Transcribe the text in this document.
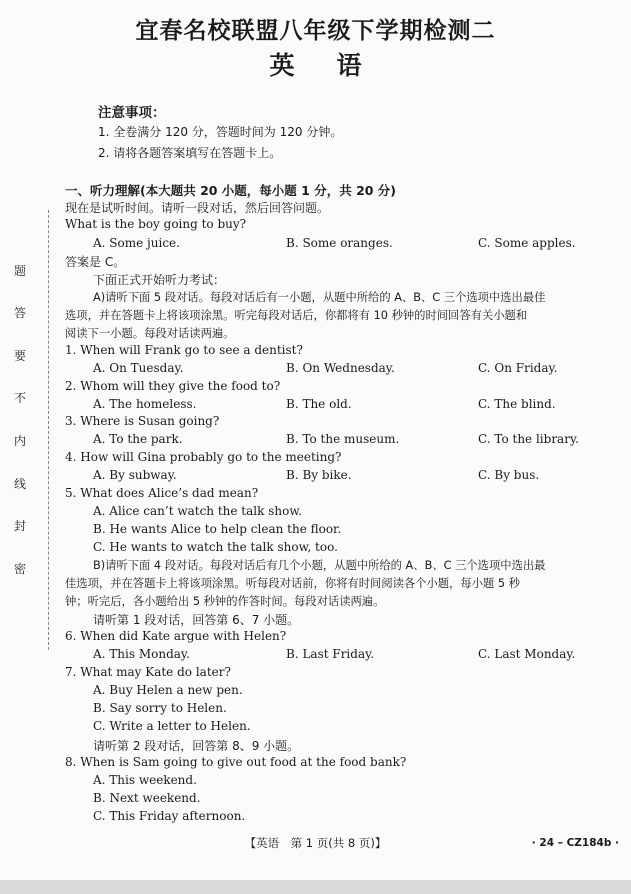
题
答
要
不
内
线
封
密
宜春名校联盟八年级下学期检测二
英语
注意事项：
1. 全卷满分 120 分，答题时间为 120 分钟。
2. 请将各题答案填写在答题卡上。
一、听力理解(本大题共 20 小题，每小题 1 分，共 20 分)
现在是试听时间。请听一段对话，然后回答问题。
What is the boy going to buy?
A. Some juice.	B. Some oranges.	C. Some apples.
答案是 C。
下面正式开始听力考试：
A)请听下面 5 段对话。每段对话后有一小题，从题中所给的 A、B、C 三个选项中选出最佳
选项，并在答题卡上将该项涂黑。听完每段对话后，你都将有 10 秒钟的时间回答有关小题和
阅读下一小题。每段对话读两遍。
1. When will Frank go to see a dentist?
A. On Tuesday.	B. On Wednesday.	C. On Friday.
2. Whom will they give the food to?
A. The homeless.	B. The old.	C. The blind.
3. Where is Susan going?
A. To the park.	B. To the museum.	C. To the library.
4. How will Gina probably go to the meeting?
A. By subway.	B. By bike.	C. By bus.
5. What does Alice’s dad mean?
A. Alice can’t watch the talk show.
B. He wants Alice to help clean the floor.
C. He wants to watch the talk show, too.
B)请听下面 4 段对话。每段对话后有几个小题，从题中所给的 A、B、C 三个选项中选出最
佳选项，并在答题卡上将该项涂黑。听每段对话前，你将有时间阅读各个小题，每小题 5 秒
钟；听完后，各小题给出 5 秒钟的作答时间。每段对话读两遍。
请听第 1 段对话，回答第 6、7 小题。
6. When did Kate argue with Helen?
A. This Monday.	B. Last Friday.	C. Last Monday.
7. What may Kate do later?
A. Buy Helen a new pen.
B. Say sorry to Helen.
C. Write a letter to Helen.
请听第 2 段对话，回答第 8、9 小题。
8. When is Sam going to give out food at the food bank?
A. This weekend.
B. Next weekend.
C. This Friday afternoon.
【英语　第 1 页(共 8 页)】	· 24 – CZ184b ·
